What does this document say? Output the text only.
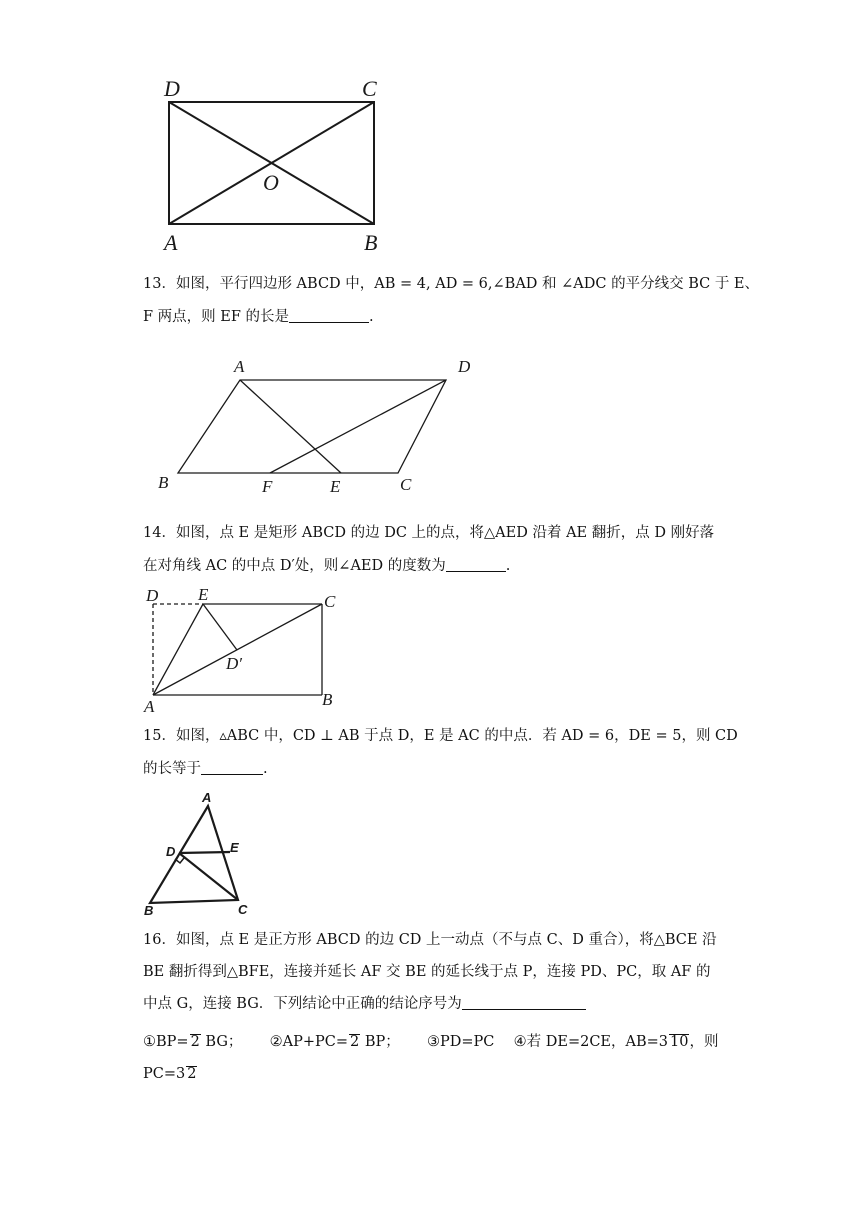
D	C
O
A	B
13．如图，平行四边形 ABCD 中，AB = 4, AD = 6,∠BAD 和 ∠ADC 的平分线交 BC 于 E、
F 两点，则 EF 的长是	.
A	D
B	F	E	C
14．如图，点 E 是矩形 ABCD 的边 DC 上的点，将△AED 沿着 AE 翻折，点 D 刚好落
在对角线 AC 的中点 D′处，则∠AED 的度数为	.
D E	C
D′
A	B
15．如图，▵ABC 中，CD ⊥ AB 于点 D，E 是 AC 的中点．若 AD = 6，DE = 5，则 CD
的长等于	.
A
D	E
B	C
16．如图，点 E 是正方形 ABCD 的边 CD 上一动点（不与点 C、D 重合），将△BCE 沿
BE 翻折得到△BFE，连接并延长 AF 交 BE 的延长线于点 P，连接 PD、PC，取 AF 的
中点 G，连接 BG．下列结论中正确的结论序号为
①BP= 2 BG； ②AP+PC= 2 BP； ③PD=PC ④若 DE=2CE，AB=3 10，则
PC=3 2
